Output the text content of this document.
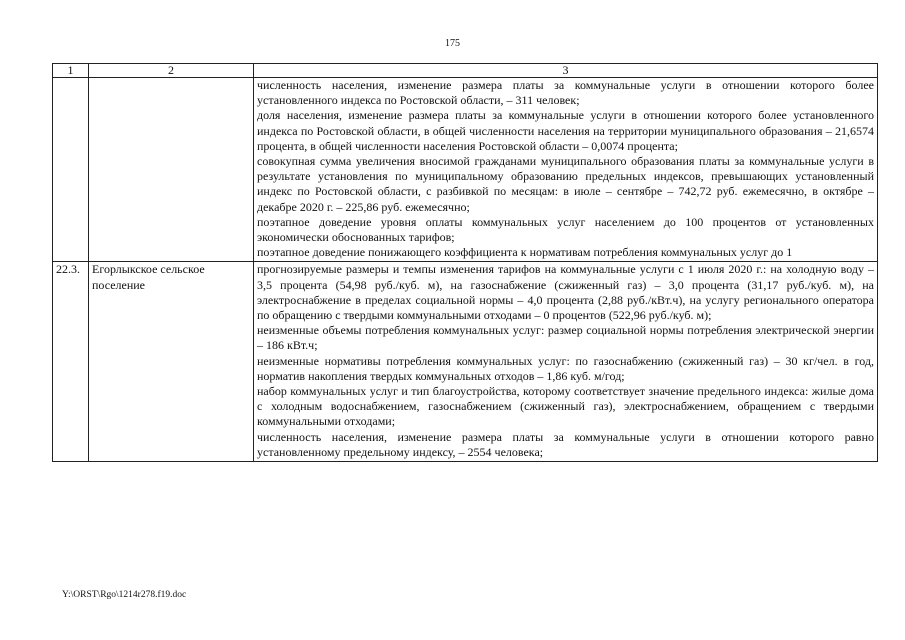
175
1	2	3

		численность населения, изменение размера платы за коммунальные услуги в отношении которого более установленного индекса по Ростовской области, – 311 человек;
доля населения, изменение размера платы за коммунальные услуги в отношении которого более установленного индекса по Ростовской области, в общей численности населения на территории муниципального образования – 21,6574 процента, в общей численности населения Ростовской области – 0,0074 процента;
совокупная сумма увеличения вносимой гражданами муниципального образования платы за коммунальные услуги в результате установления по муниципальному образованию предельных индексов, превышающих установленный индекс по Ростовской области, с разбивкой по месяцам: в июле – сентябре – 742,72 руб. ежемесячно, в октябре – декабре 2020 г. – 225,86 руб. ежемесячно;
поэтапное доведение уровня оплаты коммунальных услуг населением до 100 процентов от установленных экономически обоснованных тарифов;
поэтапное доведение понижающего коэффициента к нормативам потребления коммунальных услуг до 1

22.3.	Егорлыкское сельское поселение	прогнозируемые размеры и темпы изменения тарифов на коммунальные услуги с 1 июля 2020 г.: на холодную воду – 3,5 процента (54,98 руб./куб. м), на газоснабжение (сжиженный газ) – 3,0 процента (31,17 руб./куб. м), на электроснабжение в пределах социальной нормы – 4,0 процента (2,88 руб./кВт.ч), на услугу регионального оператора по обращению с твердыми коммунальными отходами – 0 процентов (522,96 руб./куб. м);
неизменные объемы потребления коммунальных услуг: размер социальной нормы потребления электрической энергии – 186 кВт.ч;
неизменные нормативы потребления коммунальных услуг: по газоснабжению (сжиженный газ) – 30 кг/чел. в год, норматив накопления твердых коммунальных отходов – 1,86 куб. м/год;
набор коммунальных услуг и тип благоустройства, которому соответствует значение предельного индекса: жилые дома с холодным водоснабжением, газоснабжением (сжиженный газ), электроснабжением, обращением с твердыми коммунальными отходами;
численность населения, изменение размера платы за коммунальные услуги в отношении которого равно установленному предельному индексу, – 2554 человека;
Y:\ORST\Rgo\1214r278.f19.doc
